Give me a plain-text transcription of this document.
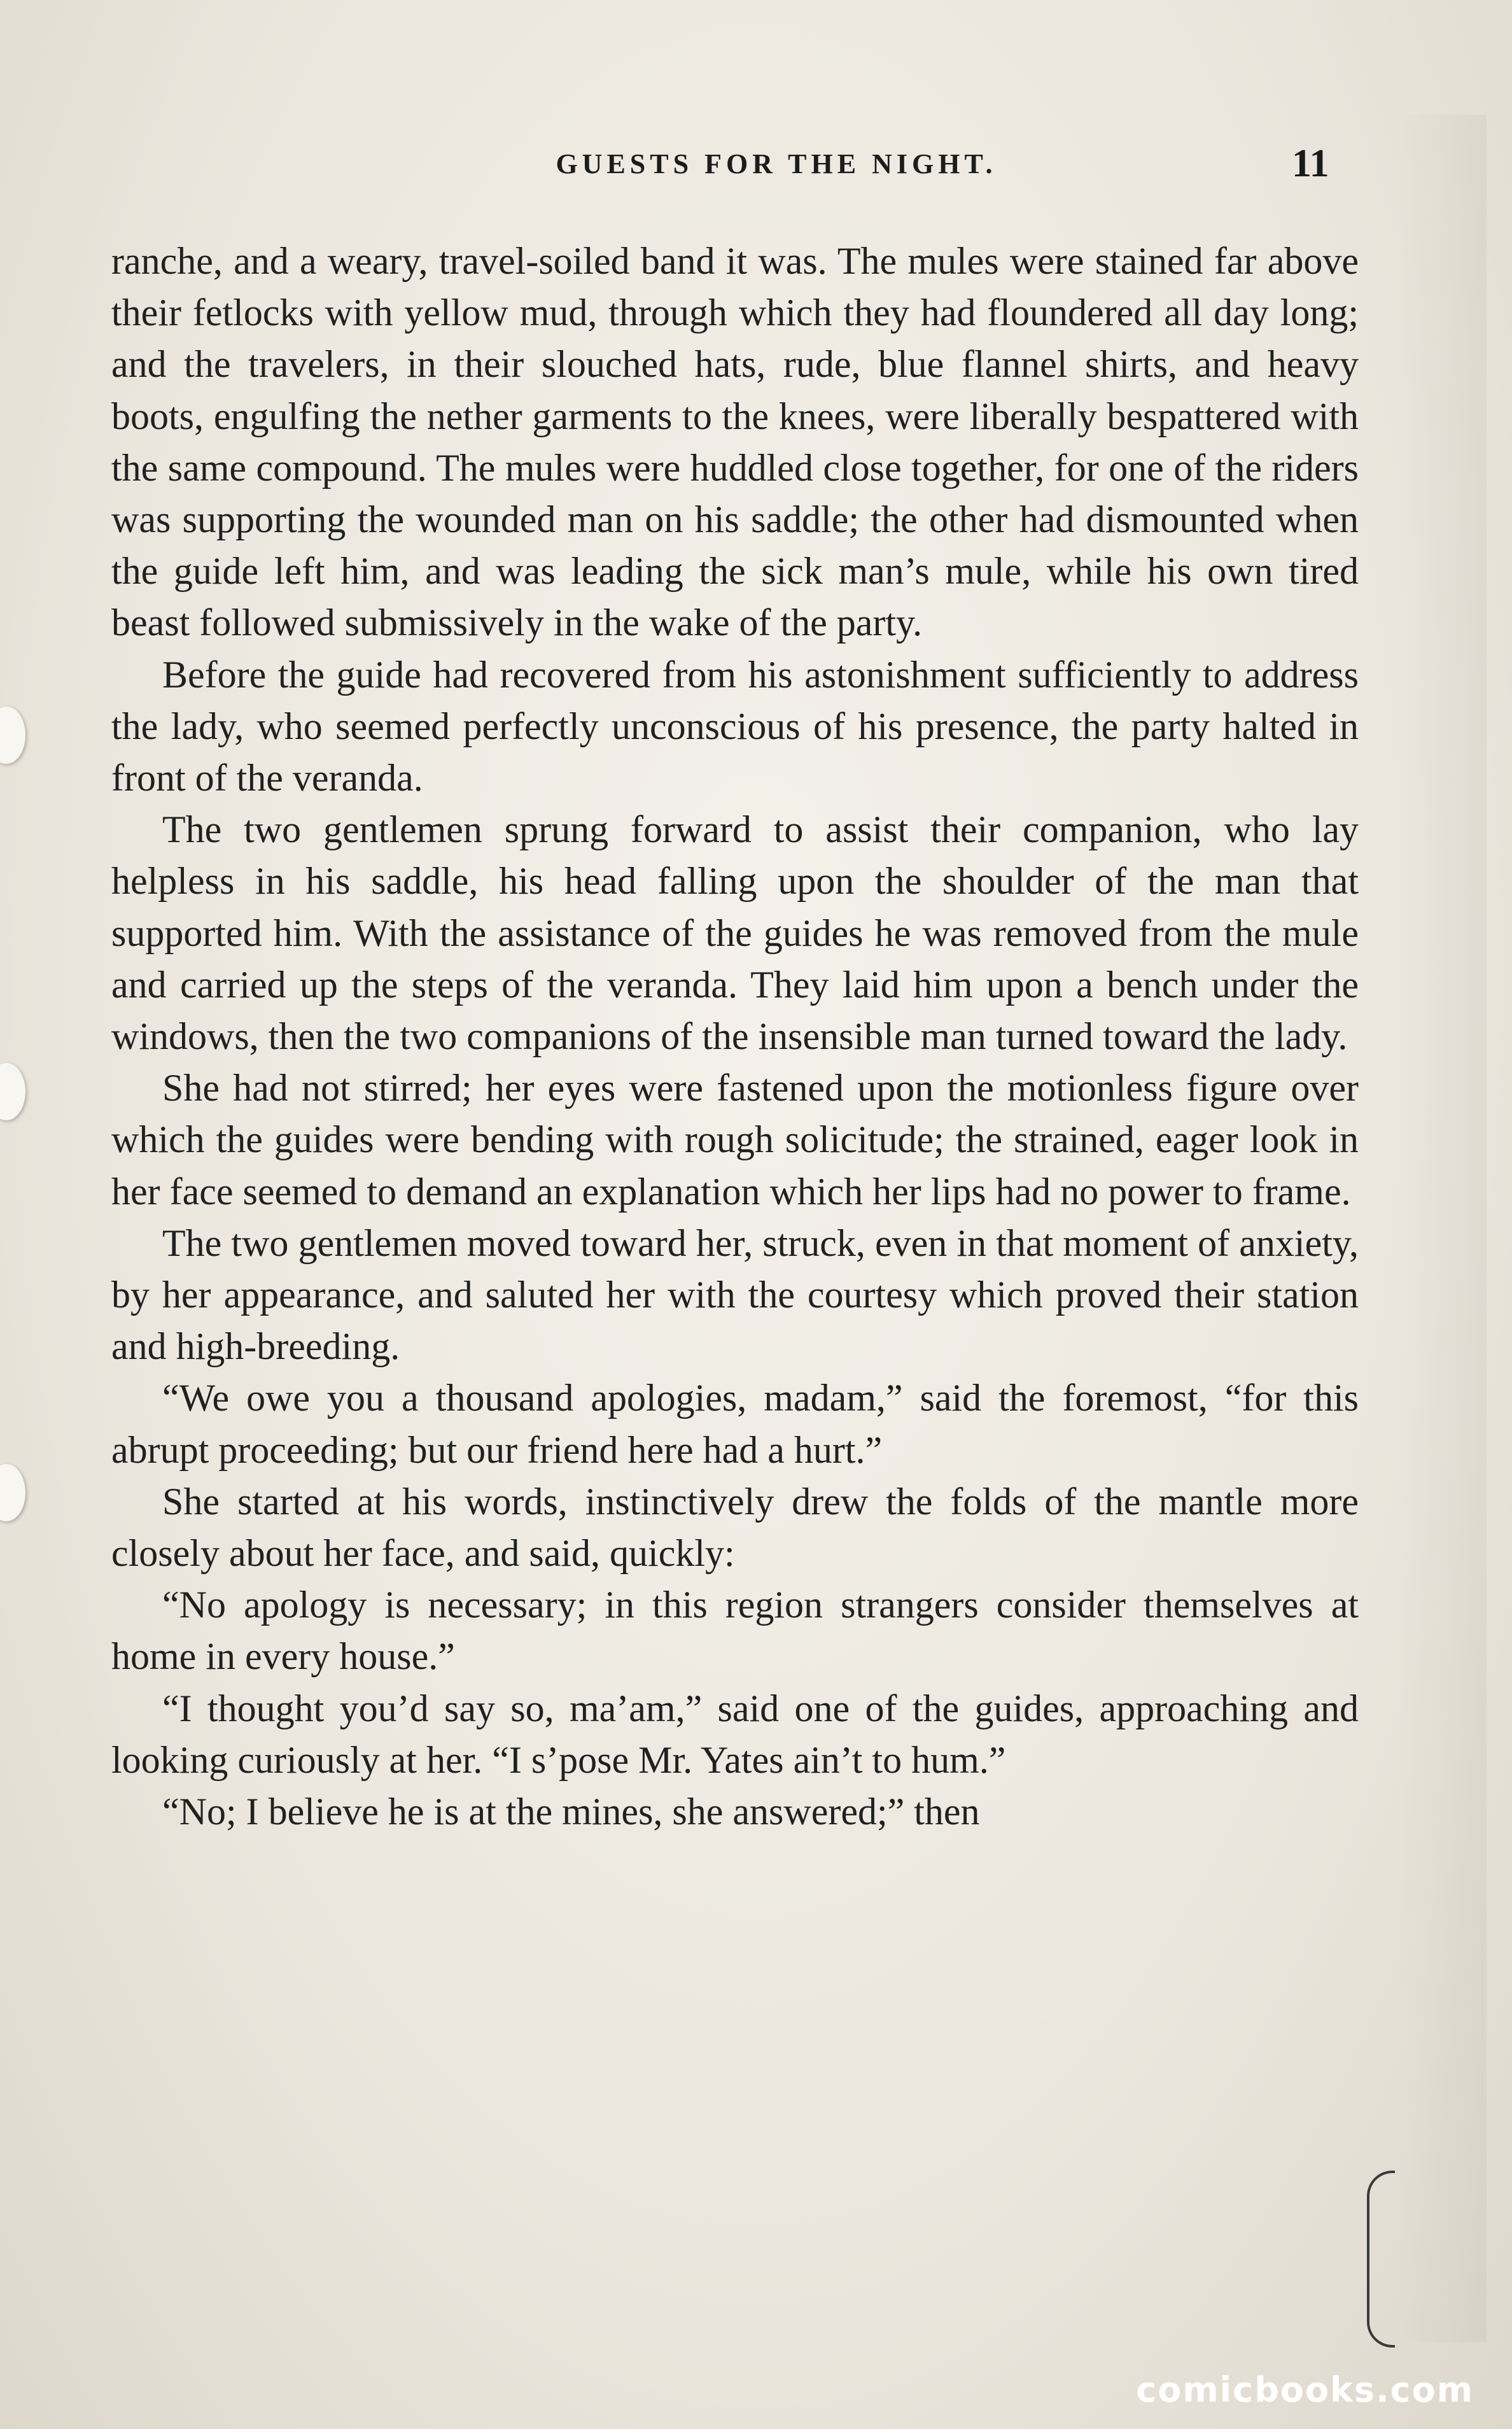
GUESTS FOR THE NIGHT.	11

ranche, and a weary, travel-soiled band it was. The mules were stained far above their fetlocks with yellow mud, through which they had floundered all day long; and the travelers, in their slouched hats, rude, blue flannel shirts, and heavy boots, engulfing the nether garments to the knees, were liberally bespattered with the same compound. The mules were huddled close together, for one of the riders was supporting the wounded man on his saddle; the other had dismounted when the guide left him, and was leading the sick man’s mule, while his own tired beast followed submissively in the wake of the party.

Before the guide had recovered from his astonishment sufficiently to address the lady, who seemed perfectly unconscious of his presence, the party halted in front of the veranda.

The two gentlemen sprung forward to assist their companion, who lay helpless in his saddle, his head falling upon the shoulder of the man that supported him. With the assistance of the guides he was removed from the mule and carried up the steps of the veranda. They laid him upon a bench under the windows, then the two companions of the insensible man turned toward the lady.

She had not stirred; her eyes were fastened upon the motionless figure over which the guides were bending with rough solicitude; the strained, eager look in her face seemed to demand an explanation which her lips had no power to frame.

The two gentlemen moved toward her, struck, even in that moment of anxiety, by her appearance, and saluted her with the courtesy which proved their station and high-breeding.

“We owe you a thousand apologies, madam,” said the foremost, “for this abrupt proceeding; but our friend here had a hurt.”

She started at his words, instinctively drew the folds of the mantle more closely about her face, and said, quickly:

“No apology is necessary; in this region strangers consider themselves at home in every house.”

“I thought you’d say so, ma’am,” said one of the guides, approaching and looking curiously at her. “I s’pose Mr. Yates ain’t to hum.”

“No; I believe he is at the mines, she answered;” then

comicbooks.com
